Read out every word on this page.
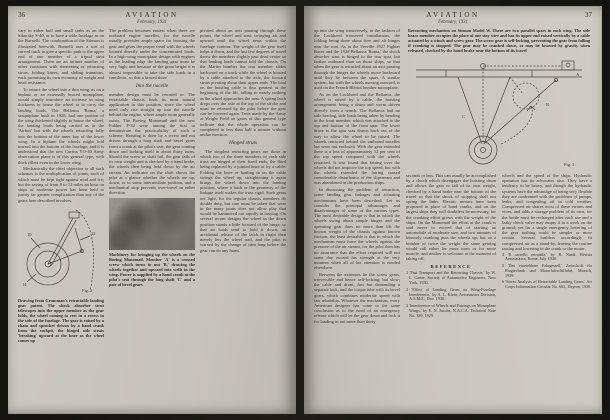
36	AVIATION
February, 1931

vary in either hull and small stubs as on the Sikorsky S-40, or to have a wide fuselage as on the Burnelli. The combination of the Stinson is illustrated herewith. Burnelli uses a sort of curved track to give a specific path to the upper end of one member of a tripod strut arrangement. There are an infinite number of other variations with shortening or retracting struts, folding knees, and sliding trunnions, each promising its own economy of weight and head resistance.

To retract the wheel into a thin wing, as on a biplane or an externally braced monoplane, would simply introduce an increase in wing thickness to house the wheel or to carry the landing loads. The Bellanca 'Roma,' a sesquiplane built in 1928, had one portion of the wing thickened slightly to house the wheel, the landing loads being carried as in the 'Airbus' but with the wheels retracting fully into the bottom of the inner bay of the lower wing. In a biplane the wheels might fold inward into the bottom of the fuselage, and it is understood that the new Curtiss YO-40 Army observation plane is of this general type, with thick fillets even in the lower wing.

Mechanically the chief objection to all such schemes is the multiplication of joints, each of which must be kept tight against mud and ice; but the saving of from 8 to 12 miles an hour on ships of moderate power has been held to justify far greater complication than any of the gears here described involves.

10	12
14
Fig. 1

Drawing from Grumman's retractable landing gear patent. The shock absorber strut telescopes into the upper member as the gear folds, the wheel coming to rest in a recess in the side of the fuselage. The gear is raised by a chain and sprocket driven by a hand crank from the cockpit, the hinged side struts 'breaking' upward at the knee as the wheel comes up

The problem becomes easiest when there are outboard engine nacelles, for the nacelle usually provides ample space for housing the gear and gives the proper tread with the wheels located directly under the concentrated loads. In a high-wing monoplane design with engines in the leading edge the landing gear must be very high, and because of the great height it is almost impossible to take the side loads in a cantilever, so that a braced three

Into the nacelle

member design must be resorted to. The retractable chassis finds its most natural application in this position, since the wheel need only rise straight up into the nacelle behind the engine, where ample room generally exists. The Boeing Monomail and the new Fokker F-32 were among the first to demonstrate the practicability of such a scheme. Hoisting is done by a screw and nut driven through a long shaft and bevel gears from a crank at the pilot's seat, the gear coming down and locking itself in about thirty turns. Should the screw or shaft fail, the gear falls of its own weight and is checked by a hand brake, the wheels then being held down by the air stream. An indicator on the shaft shows the pilot at a glance whether the wheels are up, down, or in some intermediate position, and a mechanical stop prevents over-travel in either direction.

Machinery for bringing up the wheels on the Boeing Monomail. Member 'A' is a crossed screw which turns in nut 'B,' drawing the wheels together and upward into wells in the wing. Power is supplied by a hand crank at the pilot's seat through the long shaft 'C' and a pair of bevel gears

pivoted about an axis passing through these points, the wheel and strut swinging aft and upward until the wheel nests within the fuselage contour. The weight of the gear itself helps it down, and the last few degrees of travel throw the members slightly past dead center so that landing loads cannot fold the chassis. On the Martin bomber the rear member slides backward on a track while the wheel is hoisted by a cable attached to the axle, the forward struts pivoting about their upper ends. The load on the hoisting cable is thus greatest at the beginning of the lift, falling to nearly nothing as the wheel approaches the nest. A spring latch drops over the axle at the top of the stroke and must be released by the pilot before the gear can be lowered again. Tests made by the Army at Wright Field on gears of this general type indicate that the whole operation can be completed in less than half a minute without undue exertion.

Hinged struts

The simplest retracting gears are those in which two of the three members of each side truss are hinged at their fixed ends, the third being replaced by a jointed knee or by a cable. Folding the knee or hauling in on the cable swings the wheel up; straightening it again brings the wheel down into the landing position, where a latch or the geometry of the linkage itself makes the truss rigid. Such gears are light, for the regular chassis members do double duty, but care must be taken that wear in the many joints does not allow play that would be hammered out rapidly in taxying. On several recent designs the wheel in the down position stands a little forward of the hinge, so that air loads tend to hold it down; an accidental release of the latch in flight then merely lets the wheel trail, and the pilot is warned by the change of trim long before the gear can do any harm.

AVIATION
February, 1931
37

up into the wing transversely, in the fashion of the Lockheed trousered installations, the folding being done about fore and aft hinges near the root. As in the Verville 1927 Fighter Racer and the 1928 Bellanca 'Roma,' the shock absorber strut is hinged to the rear spar, but farther outboard than on those ships, so that when the gear is retracted about an axis passing through the hinges the wheels move backward until they lie between the spars. A similar system, but with the wheels moving outward, is used on the French Blériot bomber monoplane.

As on the Lockheed and the Bellanca, the wheel is raised by a cable, the hoisting arrangement being a drum and worm driven directly from a winch. The Bellanca had no side bracing, side loads being taken by bending in the front member, which was attached to the top and bottom of the front spar. The lower brace to the spar was drawn back out of the way to allow the wheel to be raised. The wheels retracted behind the outboard nacelles but were not enclosed. With the gear extended there is a loss of approximately 12 per cent of the top speed compared with the wheels retracted. It was found that fairing over the wheels did not improve the top speed, but with the wheels extended the fairing caused considerable disturbance of the slipstream and was abandoned in the production ships.

In discussing the problem of retraction, some landing gear linkages and actuating mechanisms have been described. Let us consider the principal advantages and disadvantages of some of the various types. The most desirable design is that in which the wheels swing about simple hinges and the operating gear does no more than lift the known weight of the chassis against known friction; the least desirable is that in which the mechanism must force the wheels against the pressure of the air stream, for the pilot then has no assurance that the effort required will not some day exceed his strength at the very moment when all of his attention is needed elsewhere.

Between the extremes lie the screw gears, irreversible and hence self-locking, but slow; the cable and drum, fast but demanding a separate lock; and the torque tube with its bevel gears, which combines moderate speed with fair reliability. Whatever the mechanism, every American designer has come to the same conclusion as to the need of an emergency release which will let the gear down and lock it for landing in not more than thirty

Retracting mechanism on Stinson Model W. There are two parallel spars in each wing. The side brace member occupies the place of one stay wire and has its upper end raised vertically by a cable actuated by a winch and screw gear. The screw gear is self-locking, preventing the gear from falling if cranking is stopped. The gear may be cranked down, or may be lowered by gravity when released, checked by the hand brake near the bottom of its travel

A
B
C
Fig. 2

seconds or less. This can usually be accomplished by a clutch which disengages the hoisting drum and allows the gear to fall of its own weight, checked by a hand brake near the bottom of the travel so that the shock of stopping shall not spring the links. Electric motors have been proposed in place of hand cranks, and on the largest ships they will doubtless be necessary, for the cranking effort grows with the weight of the ships. On the Monomail the effort at the crank is said never to exceed that of starting an automobile of moderate size, and two minutes of leisurely cranking puts the wheels up; but on a bomber of twice the weight the same gearing would call either for more turns or for more muscle, and neither is welcome at the moment of taking off.

REFERENCE

1 'Fast Transport and the Retracting Chassis,' by W. L. Carter, Society of Automotive Engineers, New York, 1930.

2 'Effect of Landing Gears on Wing-Fuselage Interference,' by A. L. Klein, Aeronautics Division, A.S.M.E., Dec. 1930.

3 'Interference of Wheels and Fairings on Monoplane Wings,' by E. N. Jacobs, N.A.C.A. Technical Note No. 320, 1929.

wheels and the speed of the ships. Hydraulic operation has its advocates also. They have a tendency to be heavy, and though the hydraulic systems have the advantage of being very flexible they are confronted with the problems of pumps, leaks, and congealing oil in cold weather. Compressed air shares most of these virtues and vices, and adds a storage problem of its own, for the bottle must be recharged after each use and a leaky check valve may empty it in a week on the ground; yet for a single emergency lowering of the gear nothing could be simpler or more certain. Several builders accordingly fit compressed air as a stand-by, leaving the routine raising and lowering to the crank or the motor.

4 'Il carrello retrattile,' by R. Nardi, Rivista Aeronautica, Rome, July 1930.

5 'Das einziehbare Fahrgestell,' Zeitschrift für Flugtechnik und Motorluftschiffahrt, Munich, 1929.

6 'Stress Analysis of Retractable Landing Gears,' Air Corps Information Circular No. 662, Dayton, 1930.
